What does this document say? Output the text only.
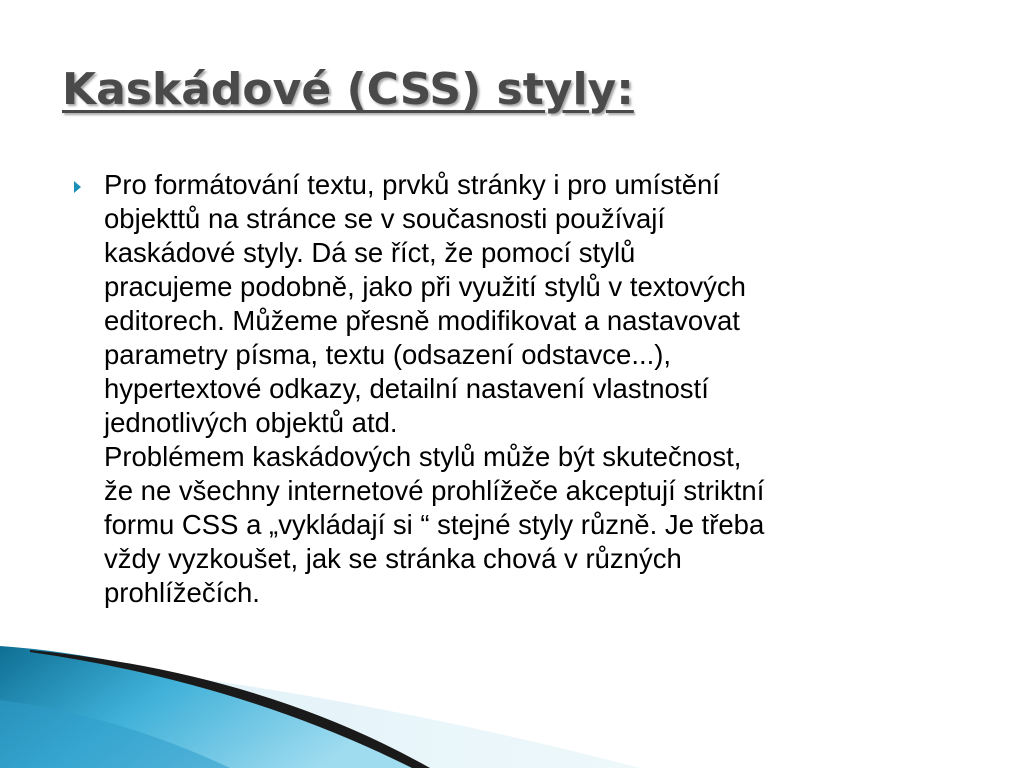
Kaskádové (CSS) styly:

Pro formátování textu, prvků stránky i pro umístění
objekttů na stránce se v současnosti používají
kaskádové styly. Dá se říct, že pomocí stylů
pracujeme podobně, jako při využití stylů v textových
editorech. Můžeme přesně modifikovat a nastavovat
parametry písma, textu (odsazení odstavce...),
hypertextové odkazy, detailní nastavení vlastností
jednotlivých objektů atd.

Problémem kaskádových stylů může být skutečnost,
že ne všechny internetové prohlížeče akceptují striktní
formu CSS a „vykládají si “ stejné styly různě. Je třeba
vždy vyzkoušet, jak se stránka chová v různých
prohlížečích.
